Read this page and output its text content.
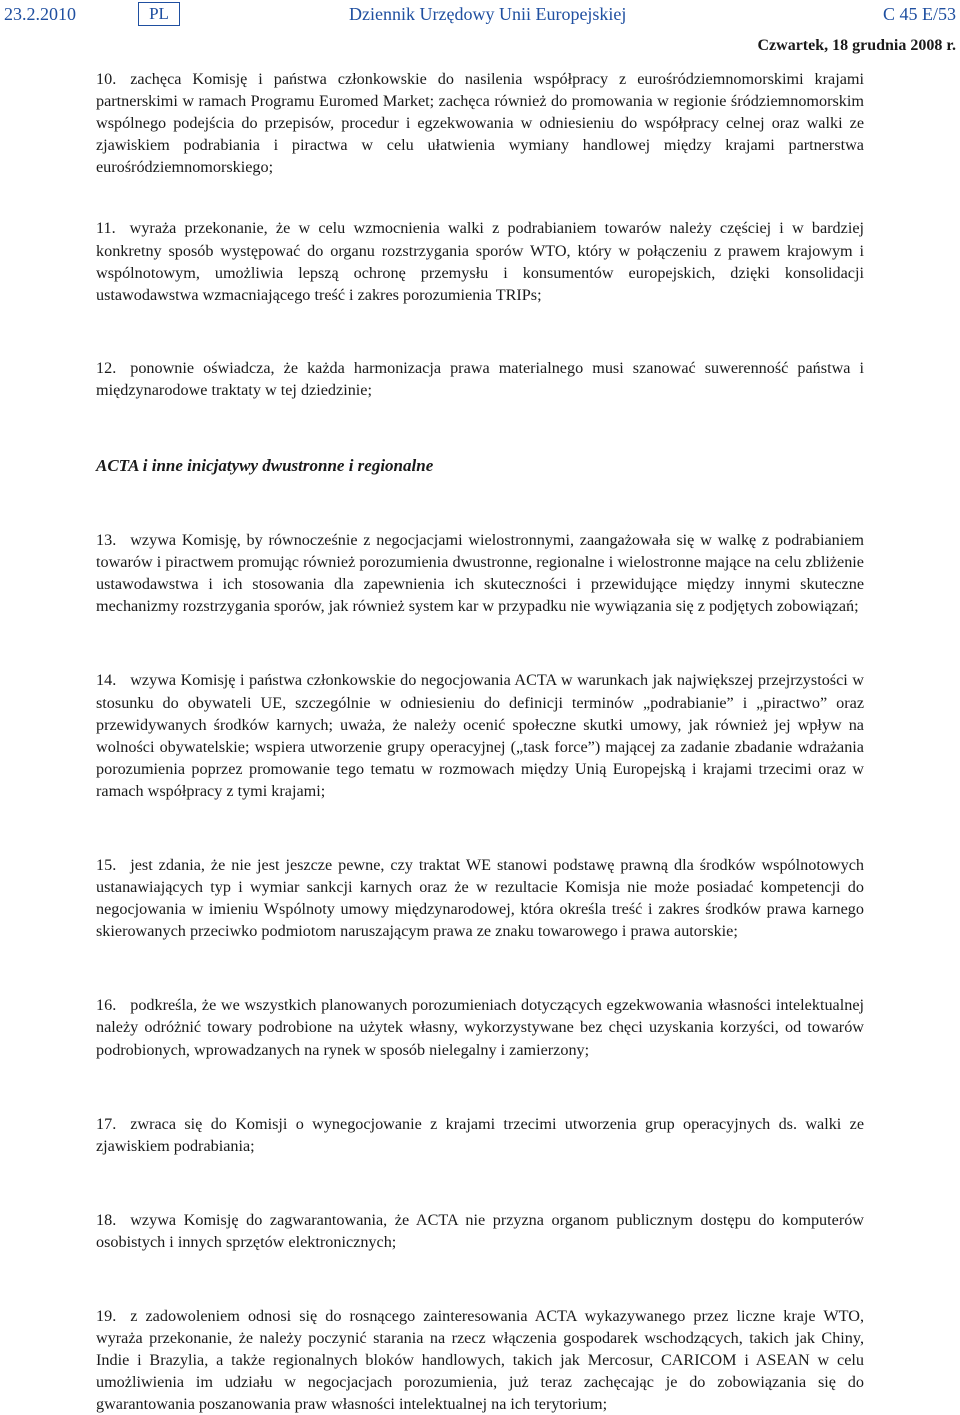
23.2.2010	PL	Dziennik Urzędowy Unii Europejskiej	C 45 E/53
Czwartek, 18 grudnia 2008 r.

10. zachęca Komisję i państwa członkowskie do nasilenia współpracy z eurośródziemnomorskimi krajami partnerskimi w ramach Programu Euromed Market; zachęca również do promowania w regionie śródziemnomorskim wspólnego podejścia do przepisów, procedur i egzekwowania w odniesieniu do współpracy celnej oraz walki ze zjawiskiem podrabiania i piractwa w celu ułatwienia wymiany handlowej między krajami partnerstwa eurośródziemnomorskiego;

11. wyraża przekonanie, że w celu wzmocnienia walki z podrabianiem towarów należy częściej i w bardziej konkretny sposób występować do organu rozstrzygania sporów WTO, który w połączeniu z prawem krajowym i wspólnotowym, umożliwia lepszą ochronę przemysłu i konsumentów europejskich, dzięki konsolidacji ustawodawstwa wzmacniającego treść i zakres porozumienia TRIPs;

12. ponownie oświadcza, że każda harmonizacja prawa materialnego musi szanować suwerenność państwa i międzynarodowe traktaty w tej dziedzinie;

ACTA i inne inicjatywy dwustronne i regionalne

13. wzywa Komisję, by równocześnie z negocjacjami wielostronnymi, zaangażowała się w walkę z podrabianiem towarów i piractwem promując również porozumienia dwustronne, regionalne i wielostronne mające na celu zbliżenie ustawodawstwa i ich stosowania dla zapewnienia ich skuteczności i przewidujące między innymi skuteczne mechanizmy rozstrzygania sporów, jak również system kar w przypadku nie wywiązania się z podjętych zobowiązań;

14. wzywa Komisję i państwa członkowskie do negocjowania ACTA w warunkach jak największej przejrzystości w stosunku do obywateli UE, szczególnie w odniesieniu do definicji terminów „podrabianie” i „piractwo” oraz przewidywanych środków karnych; uważa, że należy ocenić społeczne skutki umowy, jak również jej wpływ na wolności obywatelskie; wspiera utworzenie grupy operacyjnej („task force”) mającej za zadanie zbadanie wdrażania porozumienia poprzez promowanie tego tematu w rozmowach między Unią Europejską i krajami trzecimi oraz w ramach współpracy z tymi krajami;

15. jest zdania, że nie jest jeszcze pewne, czy traktat WE stanowi podstawę prawną dla środków wspólnotowych ustanawiających typ i wymiar sankcji karnych oraz że w rezultacie Komisja nie może posiadać kompetencji do negocjowania w imieniu Wspólnoty umowy międzynarodowej, która określa treść i zakres środków prawa karnego skierowanych przeciwko podmiotom naruszającym prawa ze znaku towarowego i prawa autorskie;

16. podkreśla, że we wszystkich planowanych porozumieniach dotyczących egzekwowania własności intelektualnej należy odróżnić towary podrobione na użytek własny, wykorzystywane bez chęci uzyskania korzyści, od towarów podrobionych, wprowadzanych na rynek w sposób nielegalny i zamierzony;

17. zwraca się do Komisji o wynegocjowanie z krajami trzecimi utworzenia grup operacyjnych ds. walki ze zjawiskiem podrabiania;

18. wzywa Komisję do zagwarantowania, że ACTA nie przyzna organom publicznym dostępu do komputerów osobistych i innych sprzętów elektronicznych;

19. z zadowoleniem odnosi się do rosnącego zainteresowania ACTA wykazywanego przez liczne kraje WTO, wyraża przekonanie, że należy poczynić starania na rzecz włączenia gospodarek wschodzących, takich jak Chiny, Indie i Brazylia, a także regionalnych bloków handlowych, takich jak Mercosur, CARICOM i ASEAN w celu umożliwienia im udziału w negocjacjach porozumienia, już teraz zachęcając je do zobowiązania się do gwarantowania poszanowania praw własności intelektualnej na ich terytorium;
